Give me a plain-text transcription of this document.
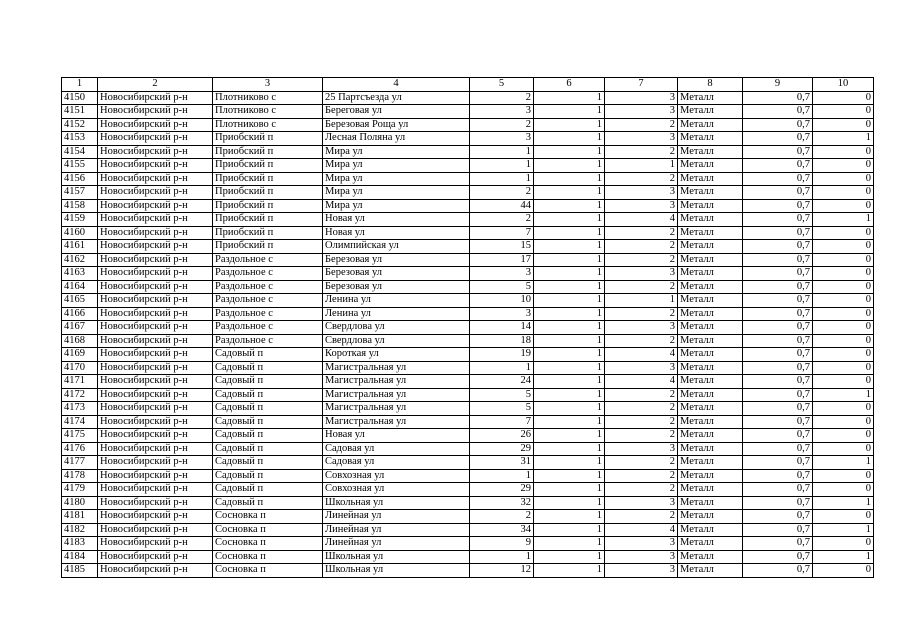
1	2	3	4	5	6	7	8	9	10
4150	Новосибирский р-н	Плотниково с	25 Партсъезда ул	2	1	3	Металл	0,7	0
4151	Новосибирский р-н	Плотниково с	Береговая ул	3	1	3	Металл	0,7	0
4152	Новосибирский р-н	Плотниково с	Березовая Роща ул	2	1	2	Металл	0,7	0
4153	Новосибирский р-н	Приобский п	Лесная Поляна ул	3	1	3	Металл	0,7	1
4154	Новосибирский р-н	Приобский п	Мира ул	1	1	2	Металл	0,7	0
4155	Новосибирский р-н	Приобский п	Мира ул	1	1	1	Металл	0,7	0
4156	Новосибирский р-н	Приобский п	Мира ул	1	1	2	Металл	0,7	0
4157	Новосибирский р-н	Приобский п	Мира ул	2	1	3	Металл	0,7	0
4158	Новосибирский р-н	Приобский п	Мира ул	44	1	3	Металл	0,7	0
4159	Новосибирский р-н	Приобский п	Новая ул	2	1	4	Металл	0,7	1
4160	Новосибирский р-н	Приобский п	Новая ул	7	1	2	Металл	0,7	0
4161	Новосибирский р-н	Приобский п	Олимпийская ул	15	1	2	Металл	0,7	0
4162	Новосибирский р-н	Раздольное с	Березовая ул	17	1	2	Металл	0,7	0
4163	Новосибирский р-н	Раздольное с	Березовая ул	3	1	3	Металл	0,7	0
4164	Новосибирский р-н	Раздольное с	Березовая ул	5	1	2	Металл	0,7	0
4165	Новосибирский р-н	Раздольное с	Ленина ул	10	1	1	Металл	0,7	0
4166	Новосибирский р-н	Раздольное с	Ленина ул	3	1	2	Металл	0,7	0
4167	Новосибирский р-н	Раздольное с	Свердлова ул	14	1	3	Металл	0,7	0
4168	Новосибирский р-н	Раздольное с	Свердлова ул	18	1	2	Металл	0,7	0
4169	Новосибирский р-н	Садовый п	Короткая ул	19	1	4	Металл	0,7	0
4170	Новосибирский р-н	Садовый п	Магистральная ул	1	1	3	Металл	0,7	0
4171	Новосибирский р-н	Садовый п	Магистральная ул	24	1	4	Металл	0,7	0
4172	Новосибирский р-н	Садовый п	Магистральная ул	5	1	2	Металл	0,7	1
4173	Новосибирский р-н	Садовый п	Магистральная ул	5	1	2	Металл	0,7	0
4174	Новосибирский р-н	Садовый п	Магистральная ул	7	1	2	Металл	0,7	0
4175	Новосибирский р-н	Садовый п	Новая ул	26	1	2	Металл	0,7	0
4176	Новосибирский р-н	Садовый п	Садовая ул	29	1	3	Металл	0,7	0
4177	Новосибирский р-н	Садовый п	Садовая ул	31	1	2	Металл	0,7	1
4178	Новосибирский р-н	Садовый п	Совхозная ул	1	1	2	Металл	0,7	0
4179	Новосибирский р-н	Садовый п	Совхозная ул	29	1	2	Металл	0,7	0
4180	Новосибирский р-н	Садовый п	Школьная ул	32	1	3	Металл	0,7	1
4181	Новосибирский р-н	Сосновка п	Линейная ул	2	1	2	Металл	0,7	0
4182	Новосибирский р-н	Сосновка п	Линейная ул	34	1	4	Металл	0,7	1
4183	Новосибирский р-н	Сосновка п	Линейная ул	9	1	3	Металл	0,7	0
4184	Новосибирский р-н	Сосновка п	Школьная ул	1	1	3	Металл	0,7	1
4185	Новосибирский р-н	Сосновка п	Школьная ул	12	1	3	Металл	0,7	0
